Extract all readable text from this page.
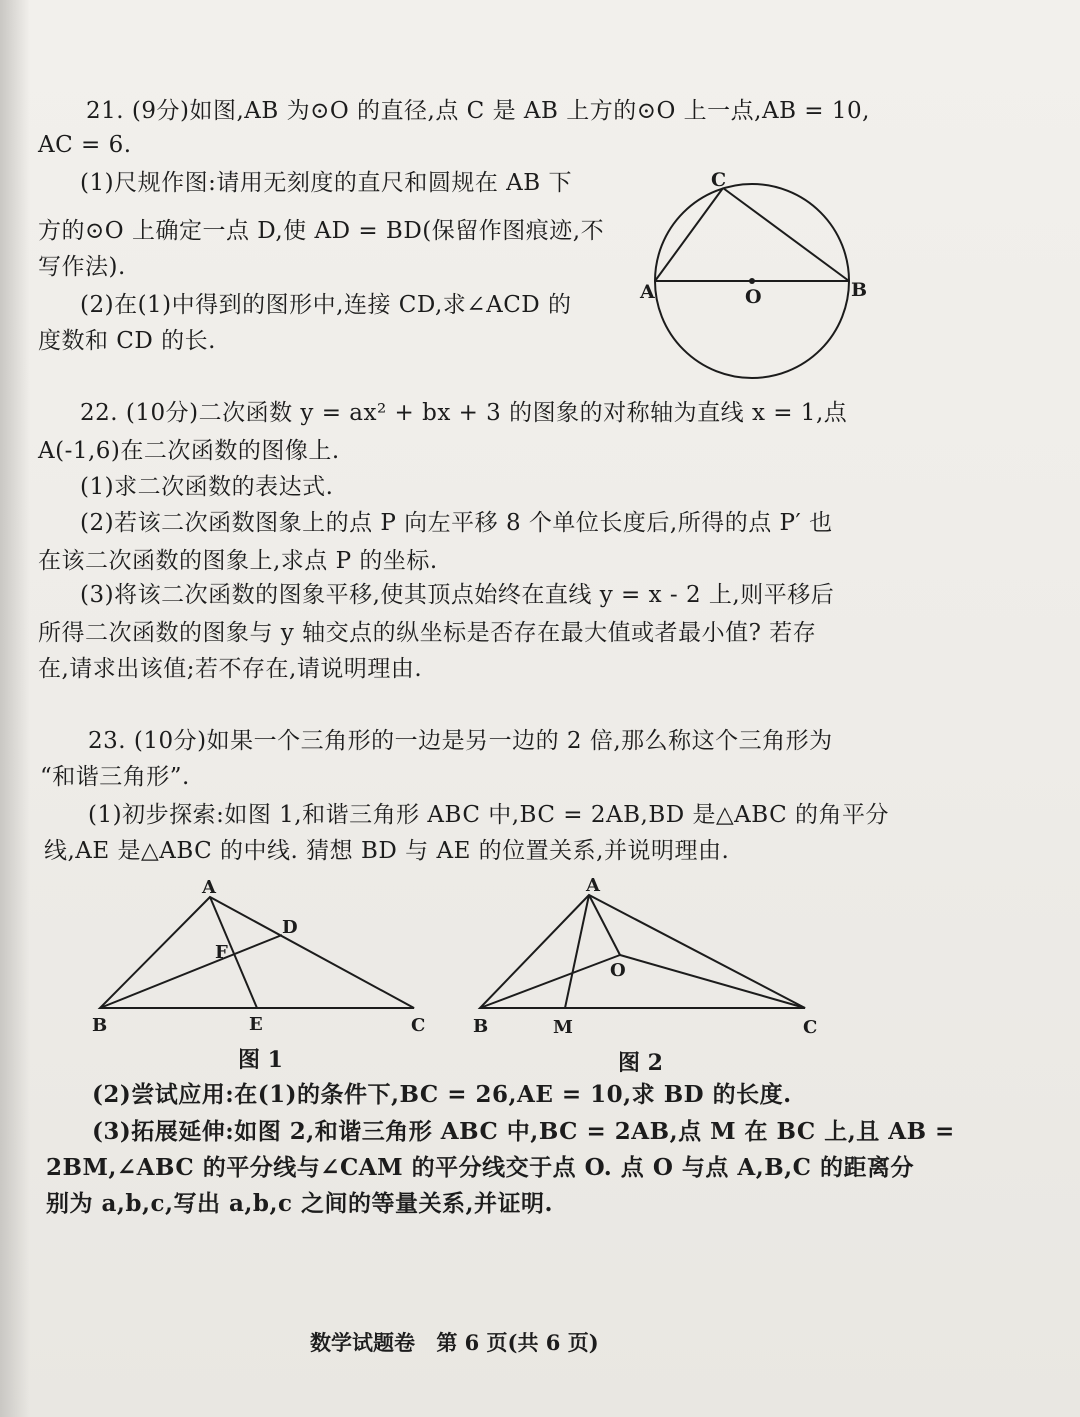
21. (9分)如图,AB 为⊙O 的直径,点 C 是 AB 上方的⊙O 上一点,AB = 10,
AC = 6.
(1)尺规作图:请用无刻度的直尺和圆规在 AB 下
方的⊙O 上确定一点 D,使 AD = BD(保留作图痕迹,不
写作法).
(2)在(1)中得到的图形中,连接 CD,求∠ACD 的
度数和 CD 的长.
C
A	B
O
22. (10分)二次函数 y = ax² + bx + 3 的图象的对称轴为直线 x = 1,点
A(-1,6)在二次函数的图像上.
(1)求二次函数的表达式.
(2)若该二次函数图象上的点 P 向左平移 8 个单位长度后,所得的点 P′ 也
在该二次函数的图象上,求点 P 的坐标.
(3)将该二次函数的图象平移,使其顶点始终在直线 y = x - 2 上,则平移后
所得二次函数的图象与 y 轴交点的纵坐标是否存在最大值或者最小值? 若存
在,请求出该值;若不存在,请说明理由.
23. (10分)如果一个三角形的一边是另一边的 2 倍,那么称这个三角形为
“和谐三角形”.
(1)初步探索:如图 1,和谐三角形 ABC 中,BC = 2AB,BD 是△ABC 的角平分
线,AE 是△ABC 的中线. 猜想 BD 与 AE 的位置关系,并说明理由.
A
D
F
B	E	C
图 1
A
O
B	M	C
图 2
(2)尝试应用:在(1)的条件下,BC = 26,AE = 10,求 BD 的长度.
(3)拓展延伸:如图 2,和谐三角形 ABC 中,BC = 2AB,点 M 在 BC 上,且 AB =
2BM,∠ABC 的平分线与∠CAM 的平分线交于点 O. 点 O 与点 A,B,C 的距离分
别为 a,b,c,写出 a,b,c 之间的等量关系,并证明.
数学试题卷 第 6 页(共 6 页)
